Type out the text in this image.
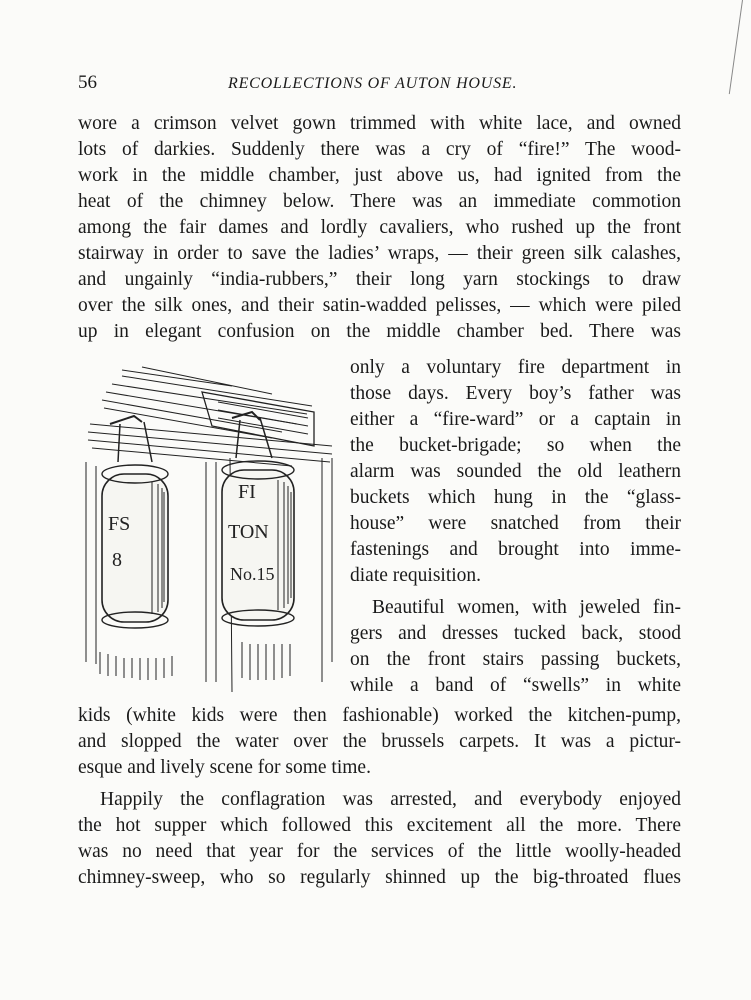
56	RECOLLECTIONS OF AUTON HOUSE.
wore a crimson velvet gown trimmed with white lace, and owned
lots of darkies. Suddenly there was a cry of “fire!” The wood-
work in the middle chamber, just above us, had ignited from the
heat of the chimney below. There was an immediate commotion
among the fair dames and lordly cavaliers, who rushed up the front
stairway in order to save the ladies’ wraps, — their green silk calashes,
and ungainly “india-rubbers,” their long yarn stockings to draw
over the silk ones, and their satin-wadded pelisses, — which were piled
up in elegant confusion on the middle chamber bed. There was
only a voluntary fire department in
those days. Every boy’s father was
either a “fire-ward” or a captain in
the bucket-brigade; so when the
alarm was sounded the old leathern
buckets which hung in the “glass-
house” were snatched from their
fastenings and brought into imme-
diate requisition.
Beautiful women, with jeweled fin-
gers and dresses tucked back, stood
on the front stairs passing buckets,
while a band of “swells” in white
kids (white kids were then fashionable) worked the kitchen-pump,
and slopped the water over the brussels carpets. It was a pictur-
esque and lively scene for some time.
Happily the conflagration was arrested, and everybody enjoyed
the hot supper which followed this excitement all the more. There
was no need that year for the services of the little woolly-headed
chimney-sweep, who so regularly shinned up the big-throated flues
FS
8
FI
TON
No.15
